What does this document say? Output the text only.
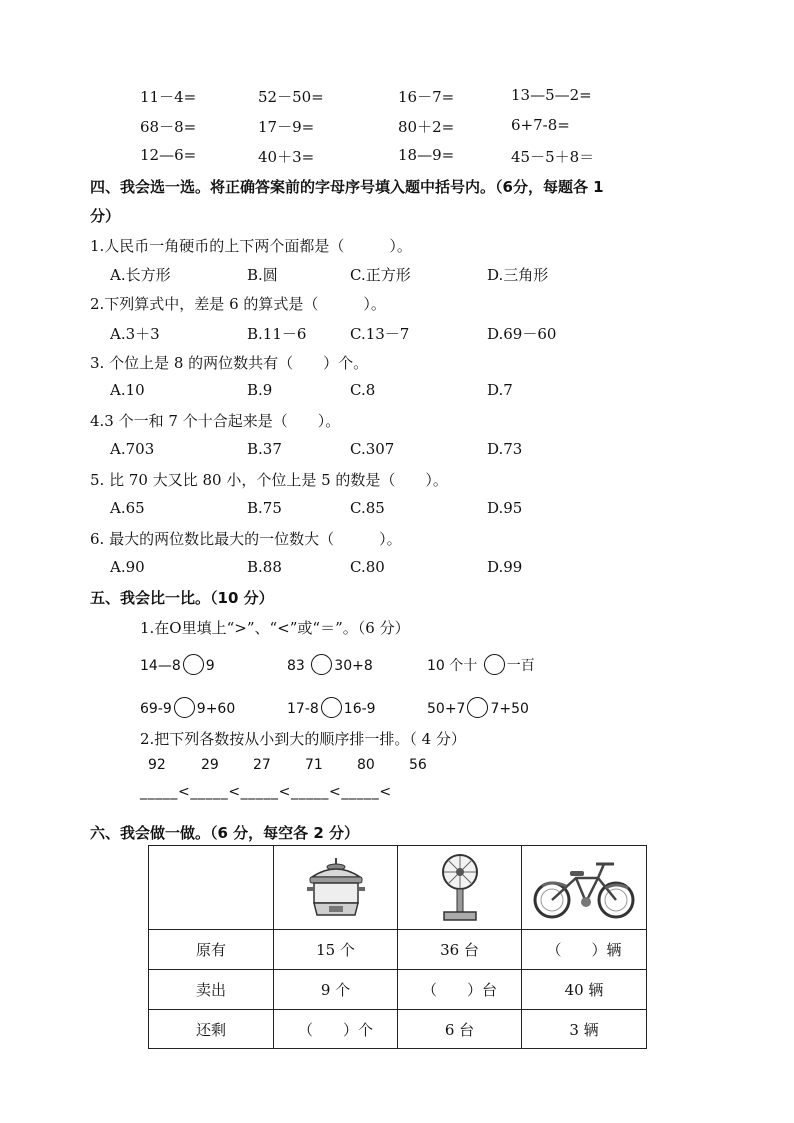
11－4=	52－50=	16－7=	13—5—2=
68－8=	17－9=	80＋2=	6+7-8=
12—6=	40＋3=	18—9=	45－5＋8＝
四、我会选一选。将正确答案前的字母序号填入题中括号内。（6分，每题各 1
分）
1.人民币一角硬币的上下两个面都是（　　　）。
A.长方形	B.圆	C.正方形	D.三角形
2.下列算式中，差是 6 的算式是（　　　）。
A.3＋3	B.11－6	C.13－7	D.69－60
3. 个位上是 8 的两位数共有（　　）个。
A.10	B.9	C.8	D.7
4.3 个一和 7 个十合起来是（　　）。
A.703	B.37	C.307	D.73
5. 比 70 大又比 80 小，个位上是 5 的数是（　　）。
A.65	B.75	C.85	D.95
6. 最大的两位数比最大的一位数大（　　　）。
A.90	B.88	C.80	D.99
五、我会比一比。（10 分）
1.在O里填上“>”、“<”或“＝”。（6 分）
14—8 9	83 30+8	10 个十 一百
69-9 9+60	17-8 16-9	50+7 7+50
2.把下列各数按从小到大的顺序排一排。（ 4 分）
92	29 27 71 80 56
_____<_____<_____<_____<_____<
六、我会做一做。（6 分，每空各 2 分）

原有	15 个	36 台	（　　）辆
卖出	9 个	（　　）台	40 辆
还剩	（　　）个	6 台	3 辆
